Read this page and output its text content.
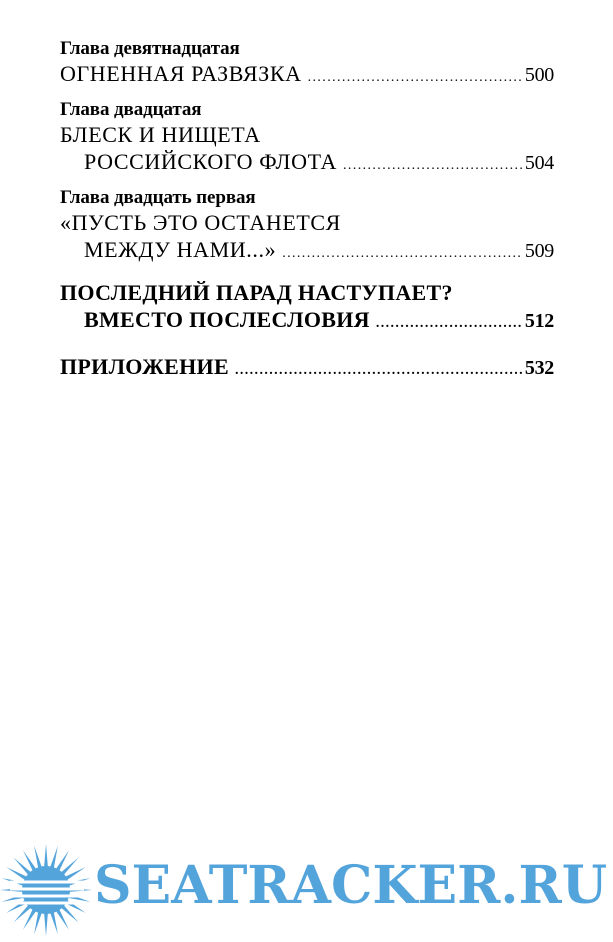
Глава девятнадцатая
ОГНЕННАЯ РАЗВЯЗКА .....	500
Глава двадцатая
БЛЕСК И НИЩЕТА
РОССИЙСКОГО ФЛОТА .....	504
Глава двадцать первая
«ПУСТЬ ЭТО ОСТАНЕТСЯ
МЕЖДУ НАМИ...» .....	509
ПОСЛЕДНИЙ ПАРАД НАСТУПАЕТ?
ВМЕСТО ПОСЛЕСЛОВИЯ .....	512
ПРИЛОЖЕНИЕ .....	532
SEATRACKER.RU
